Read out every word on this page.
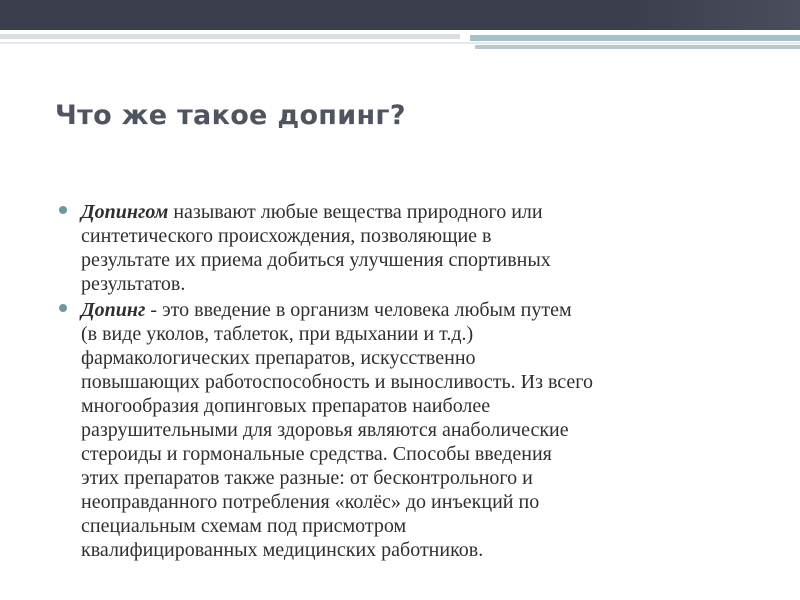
Что же такое допинг?
Допингом называют любые вещества природного или
синтетического происхождения, позволяющие в
результате их приема добиться улучшения спортивных
результатов.
Допинг - это введение в организм человека любым путем
(в виде уколов, таблеток, при вдыхании и т.д.)
фармакологических препаратов, искусственно
повышающих работоспособность и выносливость. Из всего
многообразия допинговых препаратов наиболее
разрушительными для здоровья являются анаболические
стероиды и гормональные средства. Способы введения
этих препаратов также разные: от бесконтрольного и
неоправданного потребления «колёс» до инъекций по
специальным схемам под присмотром
квалифицированных медицинских работников.
